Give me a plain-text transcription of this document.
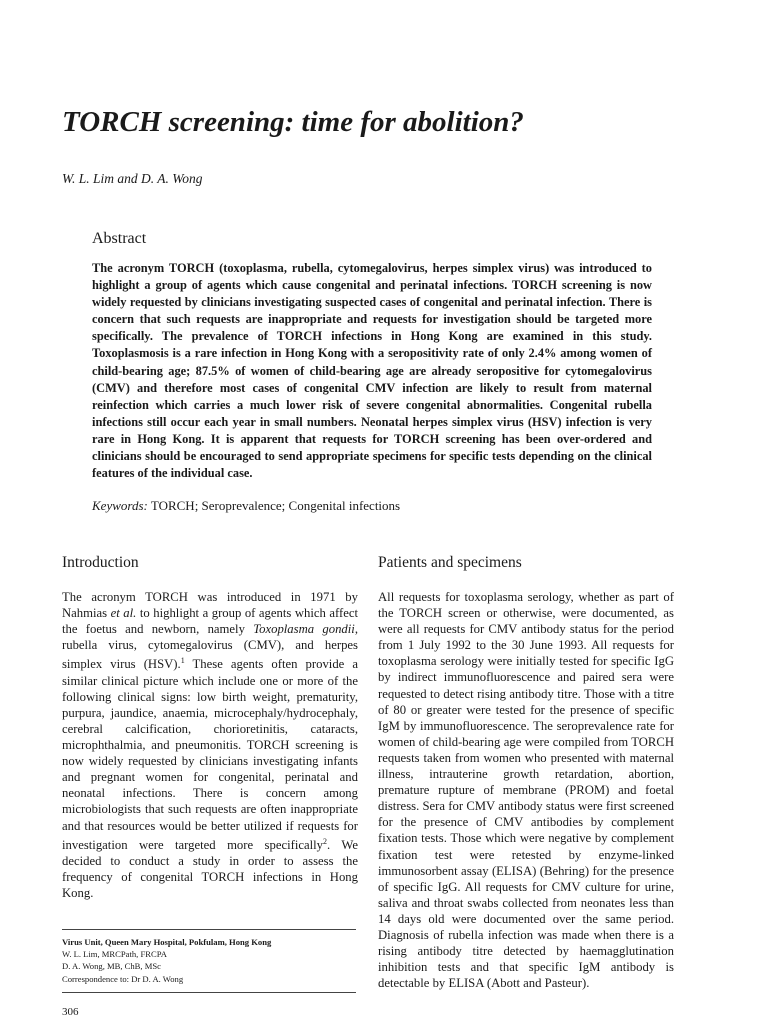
TORCH screening: time for abolition?
W. L. Lim and D. A. Wong
Abstract

The acronym TORCH (toxoplasma, rubella, cytomegalovirus, herpes simplex virus) was introduced to highlight a group of agents which cause congenital and perinatal infections. TORCH screening is now widely requested by clinicians investigating suspected cases of congenital and perinatal infection. There is concern that such requests are inappropriate and requests for investigation should be targeted more specifically. The prevalence of TORCH infections in Hong Kong are examined in this study. Toxoplasmosis is a rare infection in Hong Kong with a seropositivity rate of only 2.4% among women of child-bearing age; 87.5% of women of child-bearing age are already seropositive for cytomegalovirus (CMV) and therefore most cases of congenital CMV infection are likely to result from maternal reinfection which carries a much lower risk of severe congenital abnormalities. Congenital rubella infections still occur each year in small numbers. Neonatal herpes simplex virus (HSV) infection is very rare in Hong Kong. It is apparent that requests for TORCH screening has been over-ordered and clinicians should be encouraged to send appropriate specimens for specific tests depending on the clinical features of the individual case.

Keywords: TORCH; Seroprevalence; Congenital infections
Introduction

The acronym TORCH was introduced in 1971 by Nahmias et al. to highlight a group of agents which affect the foetus and newborn, namely Toxoplasma gondii, rubella virus, cytomegalovirus (CMV), and herpes simplex virus (HSV).$^1$ These agents often provide a similar clinical picture which include one or more of the following clinical signs: low birth weight, prematurity, purpura, jaundice, anaemia, microcephaly/hydrocephaly, cerebral calcification, chorioretinitis, cataracts, microphthalmia, and pneumonitis. TORCH screening is now widely requested by clinicians investigating infants and pregnant women for congenital, perinatal and neonatal infections. There is concern among microbiologists that such requests are often inappropriate and that resources would be better utilized if requests for investigation were targeted more specifically$^2$. We decided to conduct a study in order to assess the frequency of congenital TORCH infections in Hong Kong.

Patients and specimens

All requests for toxoplasma serology, whether as part of the TORCH screen or otherwise, were documented, as were all requests for CMV antibody status for the period from 1 July 1992 to the 30 June 1993. All requests for toxoplasma serology were initially tested for specific IgG by indirect immunofluorescence and paired sera were requested to detect rising antibody titre. Those with a titre of 80 or greater were tested for the presence of specific IgM by immunofluorescence. The seroprevalence rate for women of child-bearing age were compiled from TORCH requests taken from women who presented with maternal illness, intrauterine growth retardation, abortion, premature rupture of membrane (PROM) and foetal distress. Sera for CMV antibody status were first screened for the presence of CMV antibodies by complement fixation tests. Those which were negative by complement fixation test were retested by enzyme-linked immunosorbent assay (ELISA) (Behring) for the presence of specific IgG. All requests for CMV culture for urine, saliva and throat swabs collected from neonates less than 14 days old were documented over the same period. Diagnosis of rubella infection was made when there is a rising antibody titre detected by haemagglutination inhibition tests and that specific IgM antibody is detectable by ELISA (Abott and Pasteur).

Virus Unit, Queen Mary Hospital, Pokfulam, Hong Kong
W. L. Lim, MRCPath, FRCPA
D. A. Wong, MB, ChB, MSc
Correspondence to: Dr D. A. Wong
306
